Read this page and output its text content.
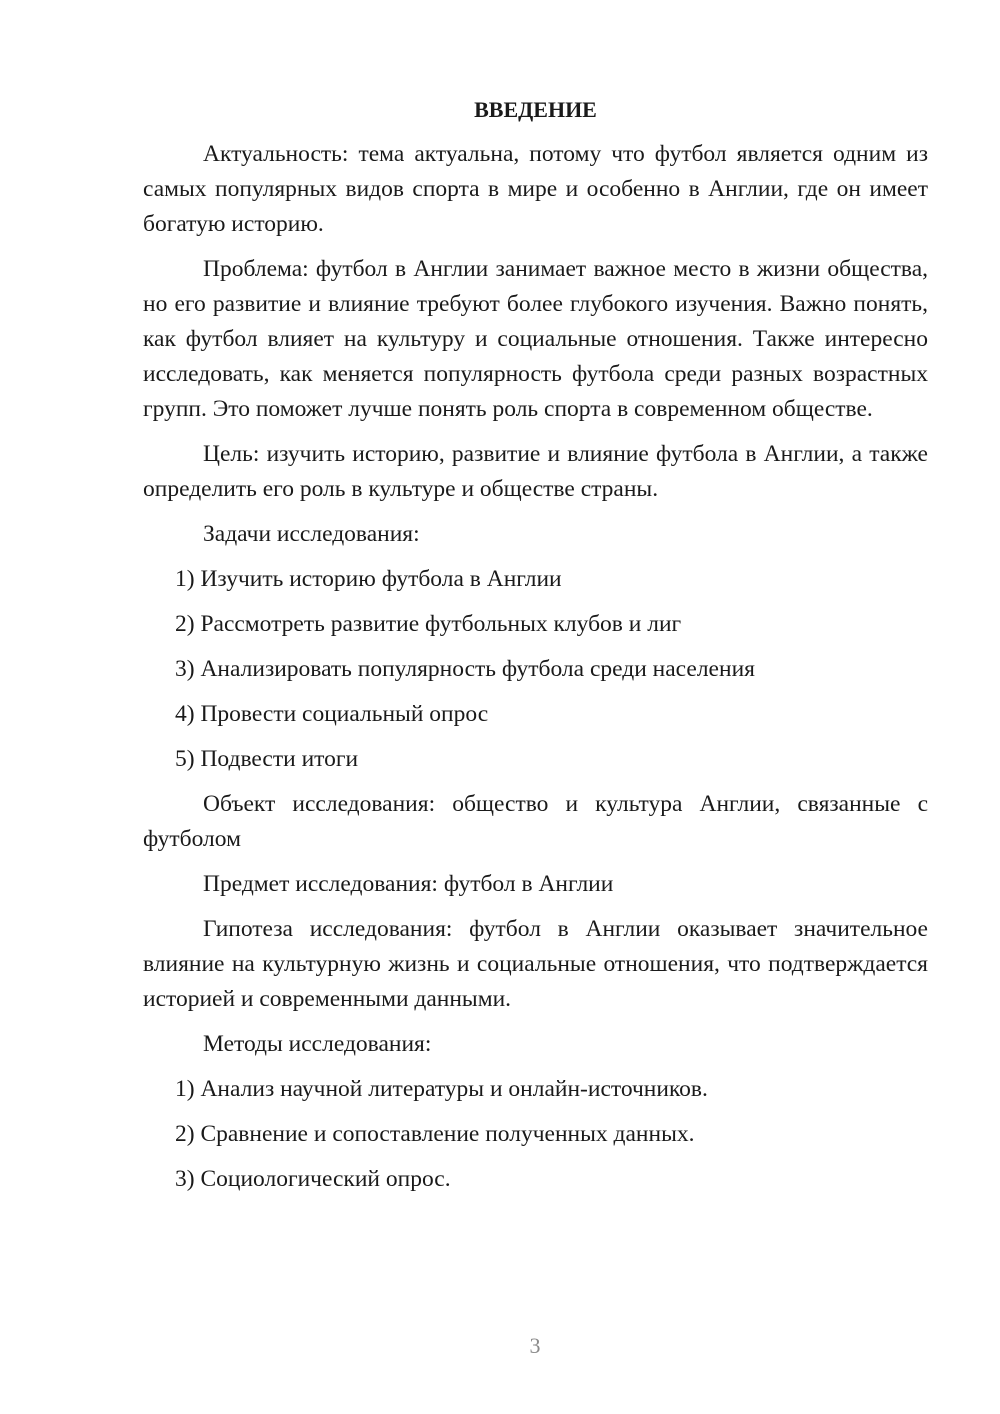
ВВЕДЕНИЕ

Актуальность: тема актуальна, потому что футбол является одним из самых популярных видов спорта в мире и особенно в Англии, где он имеет богатую историю.

Проблема: футбол в Англии занимает важное место в жизни общества, но его развитие и влияние требуют более глубокого изучения. Важно понять, как футбол влияет на культуру и социальные отношения. Также интересно исследовать, как меняется популярность футбола среди разных возрастных групп. Это поможет лучше понять роль спорта в современном обществе.

Цель: изучить историю, развитие и влияние футбола в Англии, а также определить его роль в культуре и обществе страны.

Задачи исследования:

1) Изучить историю футбола в Англии
2) Рассмотреть развитие футбольных клубов и лиг
3) Анализировать популярность футбола среди населения
4) Провести социальный опрос
5) Подвести итоги

Объект исследования: общество и культура Англии, связанные с футболом

Предмет исследования: футбол в Англии

Гипотеза исследования: футбол в Англии оказывает значительное влияние на культурную жизнь и социальные отношения, что подтверждается историей и современными данными.

Методы исследования:

1) Анализ научной литературы и онлайн-источников.
2) Сравнение и сопоставление полученных данных.
3) Социологический опрос.
3
